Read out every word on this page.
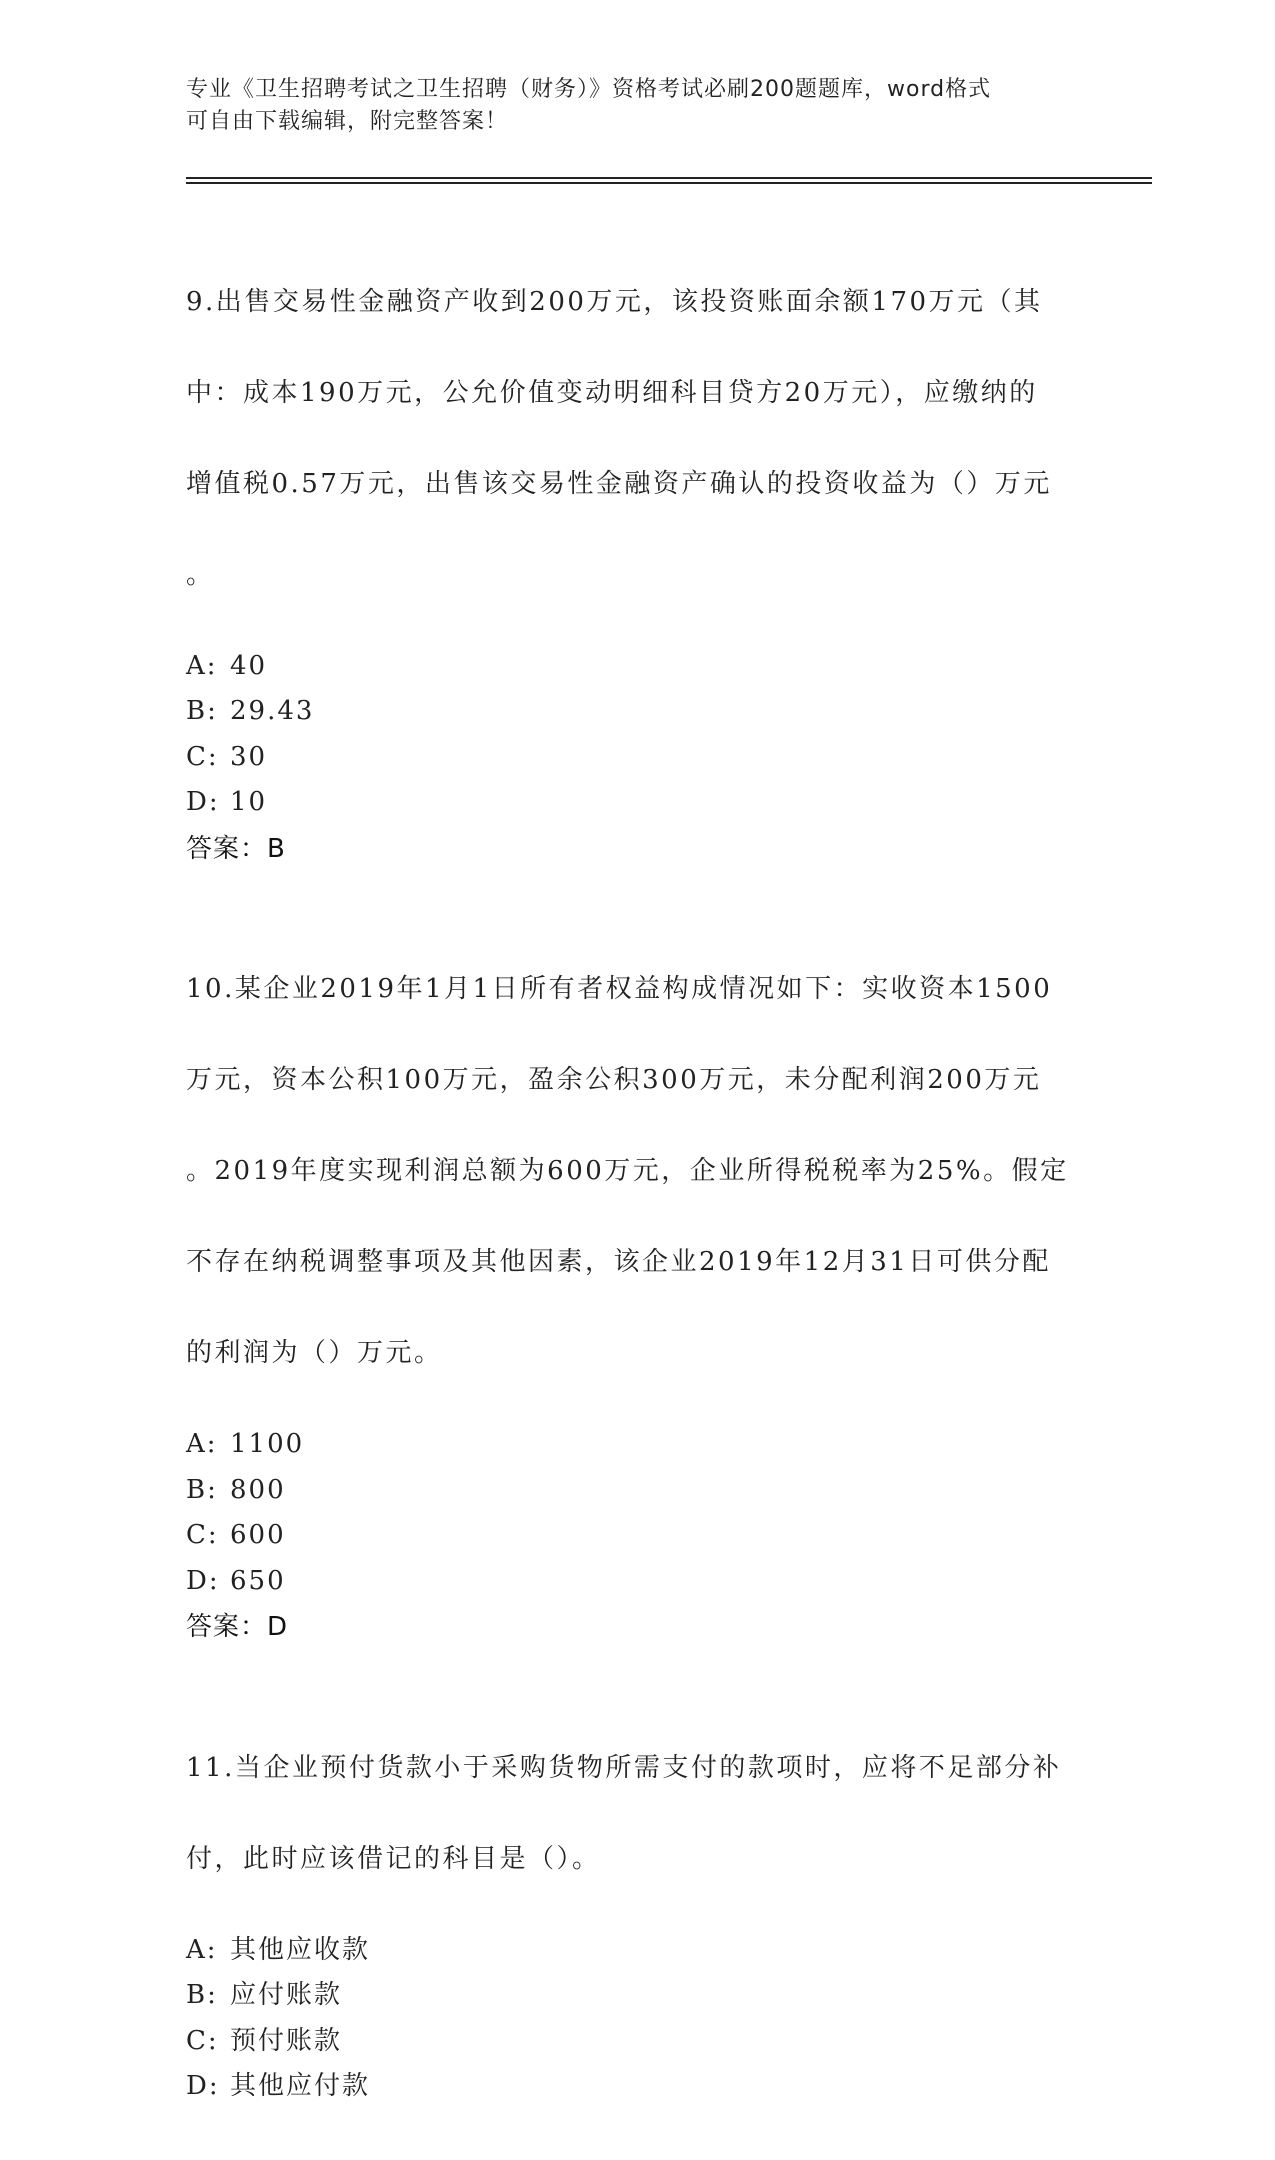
专业《卫生招聘考试之卫生招聘（财务）》资格考试必刷200题题库，word格式
可自由下载编辑，附完整答案！

9.出售交易性金融资产收到200万元，该投资账面余额170万元（其

中：成本190万元，公允价值变动明细科目贷方20万元），应缴纳的

增值税0.57万元，出售该交易性金融资产确认的投资收益为（）万元

。

A: 40
B: 29.43
C: 30
D: 10
答案：B

10.某企业2019年1月1日所有者权益构成情况如下：实收资本1500

万元，资本公积100万元，盈余公积300万元，未分配利润200万元

。2019年度实现利润总额为600万元，企业所得税税率为25%。假定

不存在纳税调整事项及其他因素，该企业2019年12月31日可供分配

的利润为（）万元。

A: 1100
B: 800
C: 600
D: 650
答案：D

11.当企业预付货款小于采购货物所需支付的款项时，应将不足部分补

付，此时应该借记的科目是（）。

A: 其他应收款
B: 应付账款
C: 预付账款
D: 其他应付款
